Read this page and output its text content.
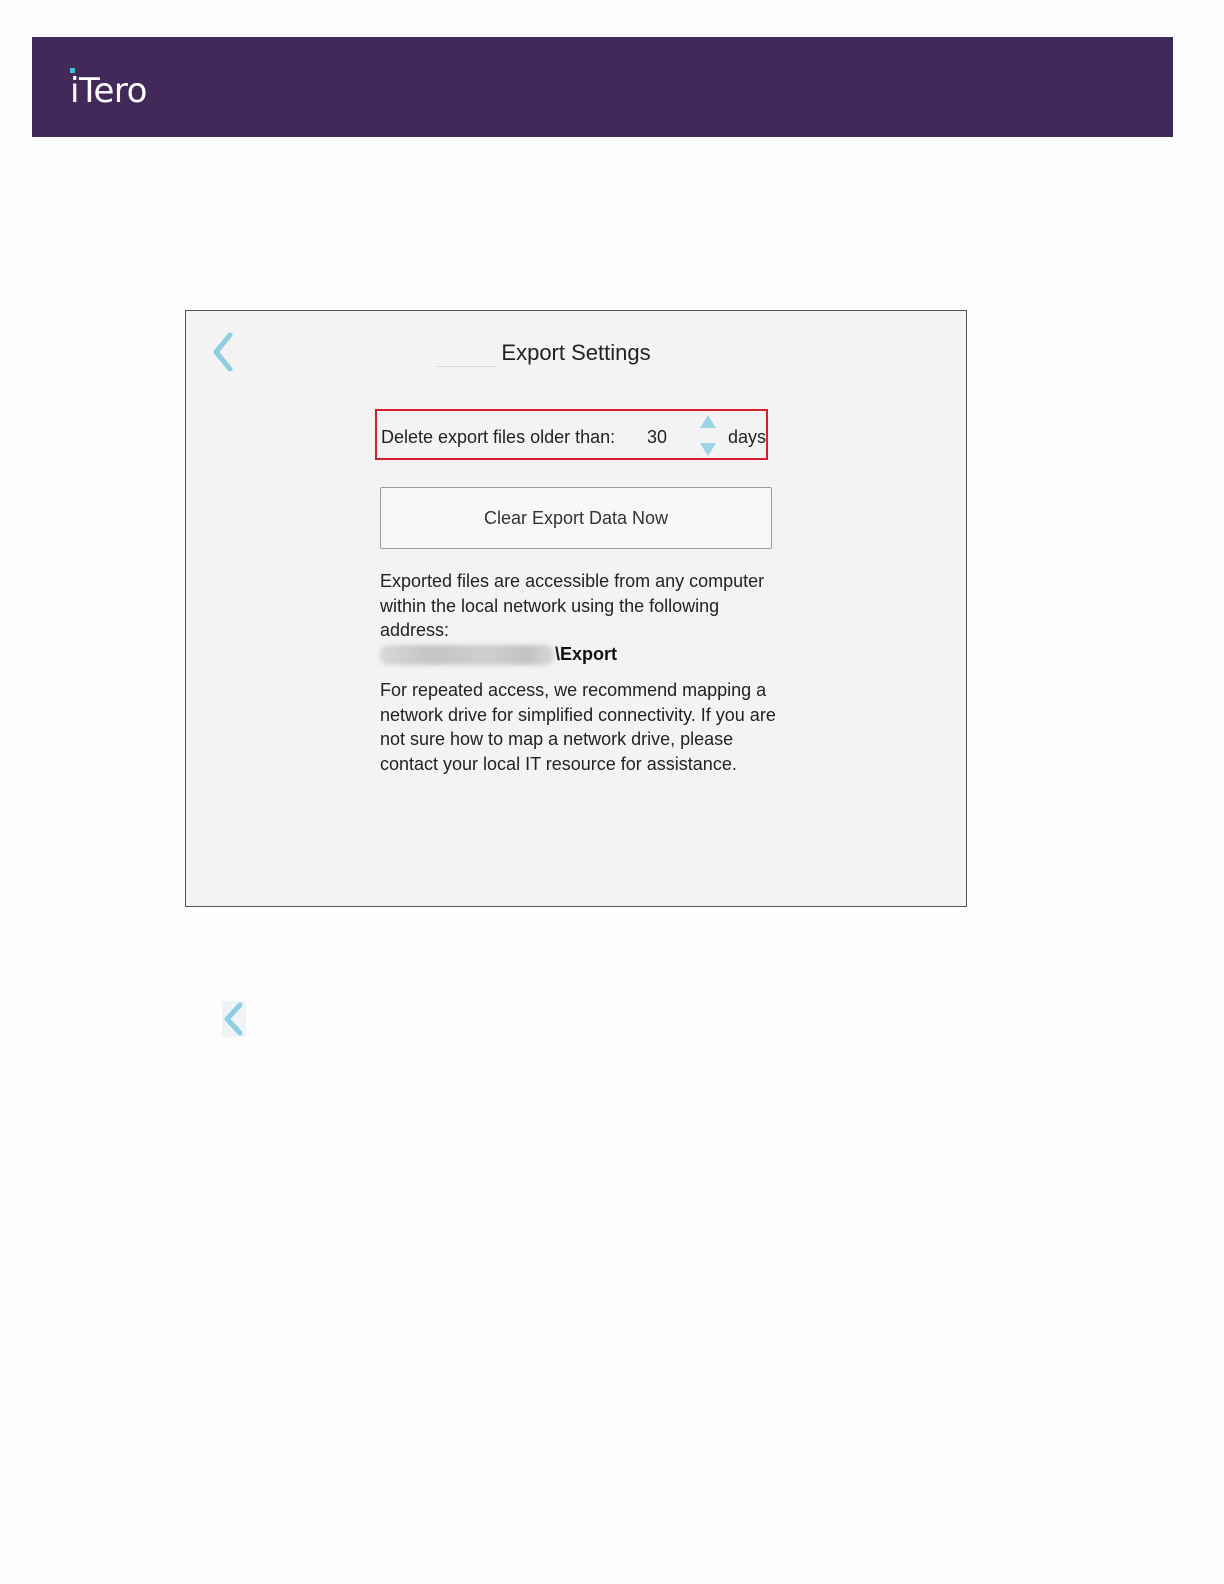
iTero
Export Settings
Delete export files older than:
30	days
Clear Export Data Now
Exported files are accessible from any computer within the local network using the following address:
\Export
For repeated access, we recommend mapping a network drive for simplified connectivity. If you are not sure how to map a network drive, please contact your local IT resource for assistance.
